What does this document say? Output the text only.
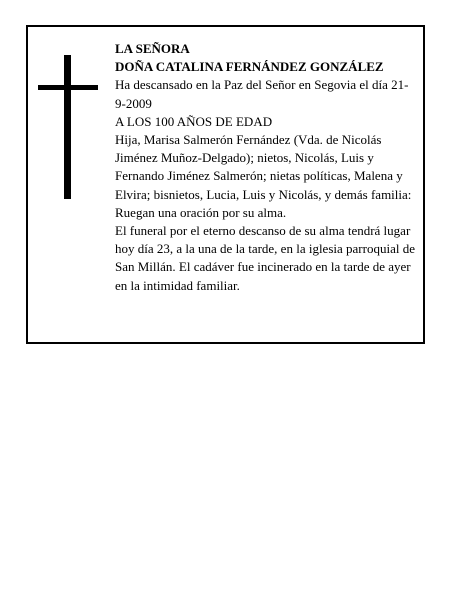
LA SEÑORA

DOÑA CATALINA FERNÁNDEZ GONZÁLEZ

Ha descansado en la Paz del Señor en Segovia el día 21-9-2009

A LOS 100 AÑOS DE EDAD

Hija, Marisa Salmerón Fernández (Vda. de Nicolás Jiménez Muñoz-Delgado); nietos, Nicolás, Luis y Fernando Jiménez Salmerón; nietas políticas, Malena y Elvira; bisnietos, Lucia, Luis y Nicolás, y demás familia:

Ruegan una oración por su alma.

El funeral por el eterno descanso de su alma tendrá lugar hoy día 23, a la una de la tarde, en la iglesia parroquial de San Millán. El cadáver fue incinerado en la tarde de ayer en la intimidad familiar.
